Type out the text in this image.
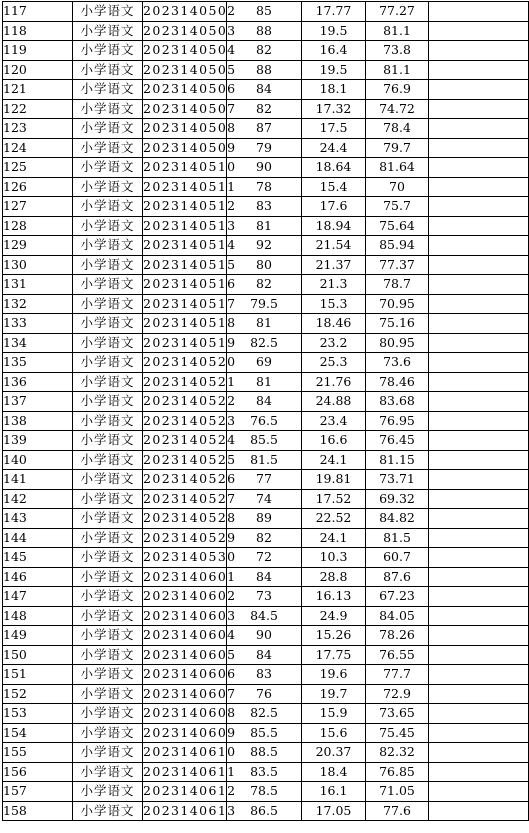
117	小学语文	2023140502	85	17.77	77.27	
118	小学语文	2023140503	88	19.5	81.1	
119	小学语文	2023140504	82	16.4	73.8	
120	小学语文	2023140505	88	19.5	81.1	
121	小学语文	2023140506	84	18.1	76.9	
122	小学语文	2023140507	82	17.32	74.72	
123	小学语文	2023140508	87	17.5	78.4	
124	小学语文	2023140509	79	24.4	79.7	
125	小学语文	2023140510	90	18.64	81.64	
126	小学语文	2023140511	78	15.4	70	
127	小学语文	2023140512	83	17.6	75.7	
128	小学语文	2023140513	81	18.94	75.64	
129	小学语文	2023140514	92	21.54	85.94	
130	小学语文	2023140515	80	21.37	77.37	
131	小学语文	2023140516	82	21.3	78.7	
132	小学语文	2023140517	79.5	15.3	70.95	
133	小学语文	2023140518	81	18.46	75.16	
134	小学语文	2023140519	82.5	23.2	80.95	
135	小学语文	2023140520	69	25.3	73.6	
136	小学语文	2023140521	81	21.76	78.46	
137	小学语文	2023140522	84	24.88	83.68	
138	小学语文	2023140523	76.5	23.4	76.95	
139	小学语文	2023140524	85.5	16.6	76.45	
140	小学语文	2023140525	81.5	24.1	81.15	
141	小学语文	2023140526	77	19.81	73.71	
142	小学语文	2023140527	74	17.52	69.32	
143	小学语文	2023140528	89	22.52	84.82	
144	小学语文	2023140529	82	24.1	81.5	
145	小学语文	2023140530	72	10.3	60.7	
146	小学语文	2023140601	84	28.8	87.6	
147	小学语文	2023140602	73	16.13	67.23	
148	小学语文	2023140603	84.5	24.9	84.05	
149	小学语文	2023140604	90	15.26	78.26	
150	小学语文	2023140605	84	17.75	76.55	
151	小学语文	2023140606	83	19.6	77.7	
152	小学语文	2023140607	76	19.7	72.9	
153	小学语文	2023140608	82.5	15.9	73.65	
154	小学语文	2023140609	85.5	15.6	75.45	
155	小学语文	2023140610	88.5	20.37	82.32	
156	小学语文	2023140611	83.5	18.4	76.85	
157	小学语文	2023140612	78.5	16.1	71.05	
158	小学语文	2023140613	86.5	17.05	77.6	
